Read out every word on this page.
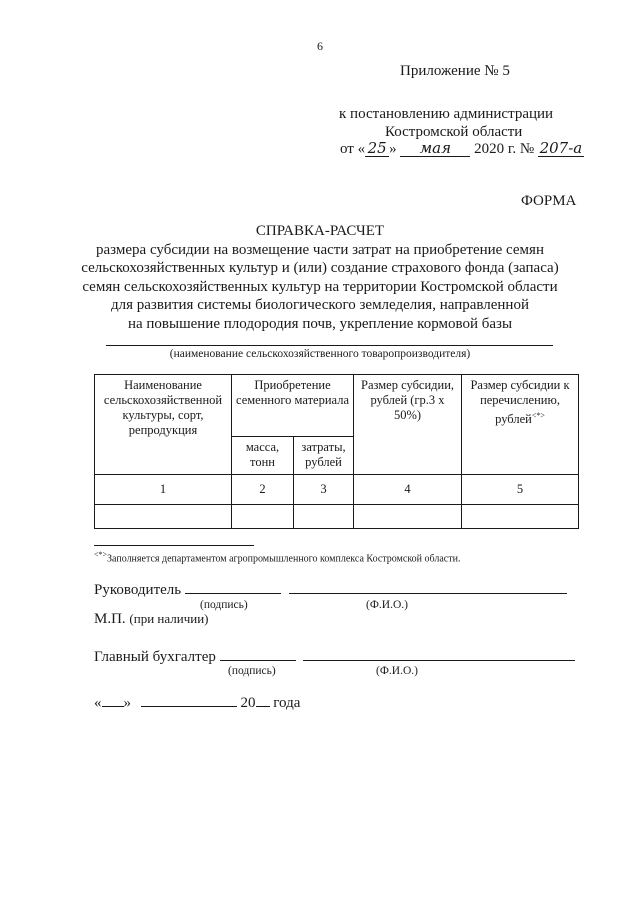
6
Приложение № 5
к постановлению администрации
Костромской области
от « 25 » мая 2020 г. № 207-а
ФОРМА
СПРАВКА-РАСЧЕТ
размера субсидии на возмещение части затрат на приобретение семян
сельскохозяйственных культур и (или) создание страхового фонда (запаса)
семян сельскохозяйственных культур на территории Костромской области
для развития системы биологического земледелия, направленной
на повышение плодородия почв, укрепление кормовой базы
(наименование сельскохозяйственного товаропроизводителя)
Наименование сельскохозяйственной культуры, сорт, репродукция	Приобретение семенного материала		Размер субсидии, рублей (гр.3 x 50%)	Размер субсидии к перечислению, рублей<*>
	масса, тонн	затраты, рублей		
1	2	3	4	5

<*>Заполняется департаментом агропромышленного комплекса Костромской области.
Руководитель
(подпись)	(Ф.И.О.)
М.П. (при наличии)
Главный бухгалтер
(подпись)	(Ф.И.О.)
« »	20 года
